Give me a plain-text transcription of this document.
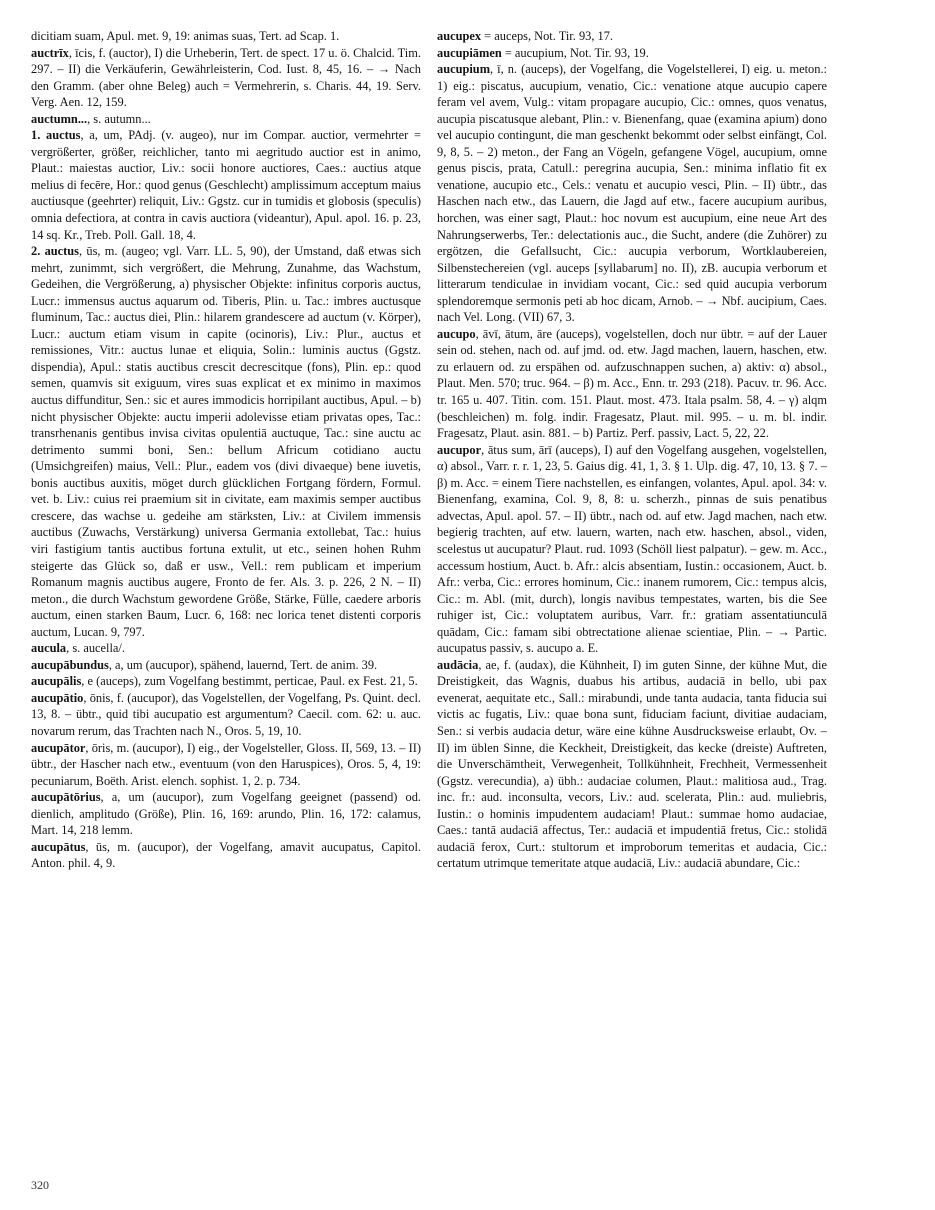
dicitiam suam, Apul. met. 9, 19: animas suas, Tert. ad Scap. 1.

auctrīx, īcis, f. (auctor), I) die Urheberin, Tert. de spect. 17 u. ö. Chalcid. Tim. 297. – II) die Verkäuferin, Gewährleisterin, Cod. Iust. 8, 45, 16. – → Nach den Gramm. (aber ohne Beleg) auch = Vermehrerin, s. Charis. 44, 19. Serv. Verg. Aen. 12, 159.

auctumn..., s. autumn...

1. auctus, a, um, PAdj. (v. augeo), nur im Compar. auctior, vermehrter = vergrößerter, größer, reichlicher, tanto mi aegritudo auctior est in animo, Plaut.: maiestas auctior, Liv.: socii honore auctiores, Caes.: auctius atque melius di fecēre, Hor.: quod genus (Geschlecht) amplissimum acceptum maius auctiusque (geehrter) reliquit, Liv.: Ggstz. cur in tumidis et globosis (speculis) omnia defectiora, at contra in cavis auctiora (videantur), Apul. apol. 16. p. 23, 14 sq. Kr., Treb. Poll. Gall. 18, 4.

2. auctus, ūs, m. (augeo; vgl. Varr. LL. 5, 90), der Umstand, daß etwas sich mehrt, zunimmt, sich vergrößert, die Mehrung, Zunahme, das Wachstum, Gedeihen, die Vergrößerung, a) physischer Objekte: infinitus corporis auctus, Lucr.: immensus auctus aquarum od. Tiberis, Plin. u. Tac.: imbres auctusque fluminum, Tac.: auctus diei, Plin.: hilarem grandescere ad auctum (v. Körper), Lucr.: auctum etiam visum in capite (ocinoris), Liv.: Plur., auctus et remissiones, Vitr.: auctus lunae et eliquia, Solin.: luminis auctus (Ggstz. dispendia), Apul.: statis auctibus crescit decrescitque (fons), Plin. ep.: quod semen, quamvis sit exiguum, vires suas explicat et ex minimo in maximos auctus diffunditur, Sen.: sic et aures immodicis horripilant auctibus, Apul. – b) nicht physischer Objekte: auctu imperii adolevisse etiam privatas opes, Tac.: transrhenanis gentibus invisa civitas opulentiā auctuque, Tac.: sine auctu ac detrimento summi boni, Sen.: bellum Africum cotidiano auctu (Umsichgreifen) maius, Vell.: Plur., eadem vos (divi divaeque) bene iuvetis, bonis auctibus auxitis, möget durch glücklichen Fortgang fördern, Formul. vet. b. Liv.: cuius rei praemium sit in civitate, eam maximis semper auctibus crescere, das wachse u. gedeihe am stärksten, Liv.: at Civilem immensis auctibus (Zuwachs, Verstärkung) universa Germania extollebat, Tac.: huius viri fastigium tantis auctibus fortuna extulit, ut etc., seinen hohen Ruhm steigerte das Glück so, daß er usw., Vell.: rem publicam et imperium Romanum magnis auctibus augere, Fronto de fer. Als. 3. p. 226, 2 N. – II) meton., die durch Wachstum gewordene Größe, Stärke, Fülle, caedere arboris auctum, einen starken Baum, Lucr. 6, 168: nec lorica tenet distenti corporis auctum, Lucan. 9, 797.

aucula, s. aucella/.

aucupābundus, a, um (aucupor), spähend, lauernd, Tert. de anim. 39.

aucupālis, e (auceps), zum Vogelfang bestimmt, perticae, Paul. ex Fest. 21, 5.

aucupātio, ōnis, f. (aucupor), das Vogelstellen, der Vogelfang, Ps. Quint. decl. 13, 8. – übtr., quid tibi aucupatio est argumentum? Caecil. com. 62: u. auc. novarum rerum, das Trachten nach N., Oros. 5, 19, 10.

aucupātor, ōris, m. (aucupor), I) eig., der Vogelsteller, Gloss. II, 569, 13. – II) übtr., der Hascher nach etw., eventuum (von den Haruspices), Oros. 5, 4, 19: pecuniarum, Boëth. Arist. elench. sophist. 1, 2. p. 734.

aucupātōrius, a, um (aucupor), zum Vogelfang geeignet (passend) od. dienlich, amplitudo (Größe), Plin. 16, 169: arundo, Plin. 16, 172: calamus, Mart. 14, 218 lemm.

aucupātus, ūs, m. (aucupor), der Vogelfang, amavit aucupatus, Capitol. Anton. phil. 4, 9.

aucupex = auceps, Not. Tir. 93, 17.

aucupiāmen = aucupium, Not. Tir. 93, 19.

aucupium, ī, n. (auceps), der Vogelfang, die Vogelstellerei, I) eig. u. meton.: 1) eig.: piscatus, aucupium, venatio, Cic.: venatione atque aucupio capere feram vel avem, Vulg.: vitam propagare aucupio, Cic.: omnes, quos venatus, aucupia piscatusque alebant, Plin.: v. Bienenfang, quae (examina apium) dono vel aucupio contingunt, die man geschenkt bekommt oder selbst einfängt, Col. 9, 8, 5. – 2) meton., der Fang an Vögeln, gefangene Vögel, aucupium, omne genus piscis, prata, Catull.: peregrina aucupia, Sen.: minima inflatio fit ex venatione, aucupio etc., Cels.: venatu et aucupio vesci, Plin. – II) übtr., das Haschen nach etw., das Lauern, die Jagd auf etw., facere aucupium auribus, horchen, was einer sagt, Plaut.: hoc novum est aucupium, eine neue Art des Nahrungserwerbs, Ter.: delectationis auc., die Sucht, andere (die Zuhörer) zu ergötzen, die Gefallsucht, Cic.: aucupia verborum, Wortklaubereien, Silbenstechereien (vgl. auceps [syllabarum] no. II), zB. aucupia verborum et litterarum tendiculae in invidiam vocant, Cic.: sed quid aucupia verborum splendoremque sermonis peti ab hoc dicam, Arnob. – → Nbf. aucipium, Caes. nach Vel. Long. (VII) 67, 3.

aucupo, āvī, ātum, āre (auceps), vogelstellen, doch nur übtr. = auf der Lauer sein od. stehen, nach od. auf jmd. od. etw. Jagd machen, lauern, haschen, etw. zu erlauern od. zu erspähen od. aufzuschnappen suchen, a) aktiv: α) absol., Plaut. Men. 570; truc. 964. – β) m. Acc., Enn. tr. 293 (218). Pacuv. tr. 96. Acc. tr. 165 u. 407. Titin. com. 151. Plaut. most. 473. Itala psalm. 58, 4. – γ) alqm (beschleichen) m. folg. indir. Fragesatz, Plaut. mil. 995. – u. m. bl. indir. Fragesatz, Plaut. asin. 881. – b) Partiz. Perf. passiv, Lact. 5, 22, 22.

aucupor, ātus sum, ārī (auceps), I) auf den Vogelfang ausgehen, vogelstellen, α) absol., Varr. r. r. 1, 23, 5. Gaius dig. 41, 1, 3. § 1. Ulp. dig. 47, 10, 13. § 7. – β) m. Acc. = einem Tiere nachstellen, es einfangen, volantes, Apul. apol. 34: v. Bienenfang, examina, Col. 9, 8, 8: u. scherzh., pinnas de suis penatibus advectas, Apul. apol. 57. – II) übtr., nach od. auf etw. Jagd machen, nach etw. begierig trachten, auf etw. lauern, warten, nach etw. haschen, absol., viden, scelestus ut aucupatur? Plaut. rud. 1093 (Schöll liest palpatur). – gew. m. Acc., accessum hostium, Auct. b. Afr.: alcis absentiam, Iustin.: occasionem, Auct. b. Afr.: verba, Cic.: errores hominum, Cic.: inanem rumorem, Cic.: tempus alcis, Cic.: m. Abl. (mit, durch), longis navibus tempestates, warten, bis die See ruhiger ist, Cic.: voluptatem auribus, Varr. fr.: gratiam assentatiunculā quādam, Cic.: famam sibi obtrectatione alienae scientiae, Plin. – → Partic. aucupatus passiv, s. aucupo a. E.

audācia, ae, f. (audax), die Kühnheit, I) im guten Sinne, der kühne Mut, die Dreistigkeit, das Wagnis, duabus his artibus, audaciā in bello, ubi pax evenerat, aequitate etc., Sall.: mirabundi, unde tanta audacia, tanta fiducia sui victis ac fugatis, Liv.: quae bona sunt, fiduciam faciunt, divitiae audaciam, Sen.: si verbis audacia detur, wäre eine kühne Ausdrucksweise erlaubt, Ov. – II) im üblen Sinne, die Keckheit, Dreistigkeit, das kecke (dreiste) Auftreten, die Unverschämtheit, Verwegenheit, Tollkühnheit, Frechheit, Vermessenheit (Ggstz. verecundia), a) übh.: audaciae columen, Plaut.: malitiosa aud., Trag. inc. fr.: aud. inconsulta, vecors, Liv.: aud. scelerata, Plin.: aud. muliebris, Iustin.: o hominis impudentem audaciam! Plaut.: summae homo audaciae, Caes.: tantā audaciā affectus, Ter.: audaciā et impudentiā fretus, Cic.: stolidā audaciā ferox, Curt.: stultorum et improborum temeritas et audacia, Cic.: certatum utrimque temeritate atque audaciā, Liv.: audaciā abundare, Cic.:

320
